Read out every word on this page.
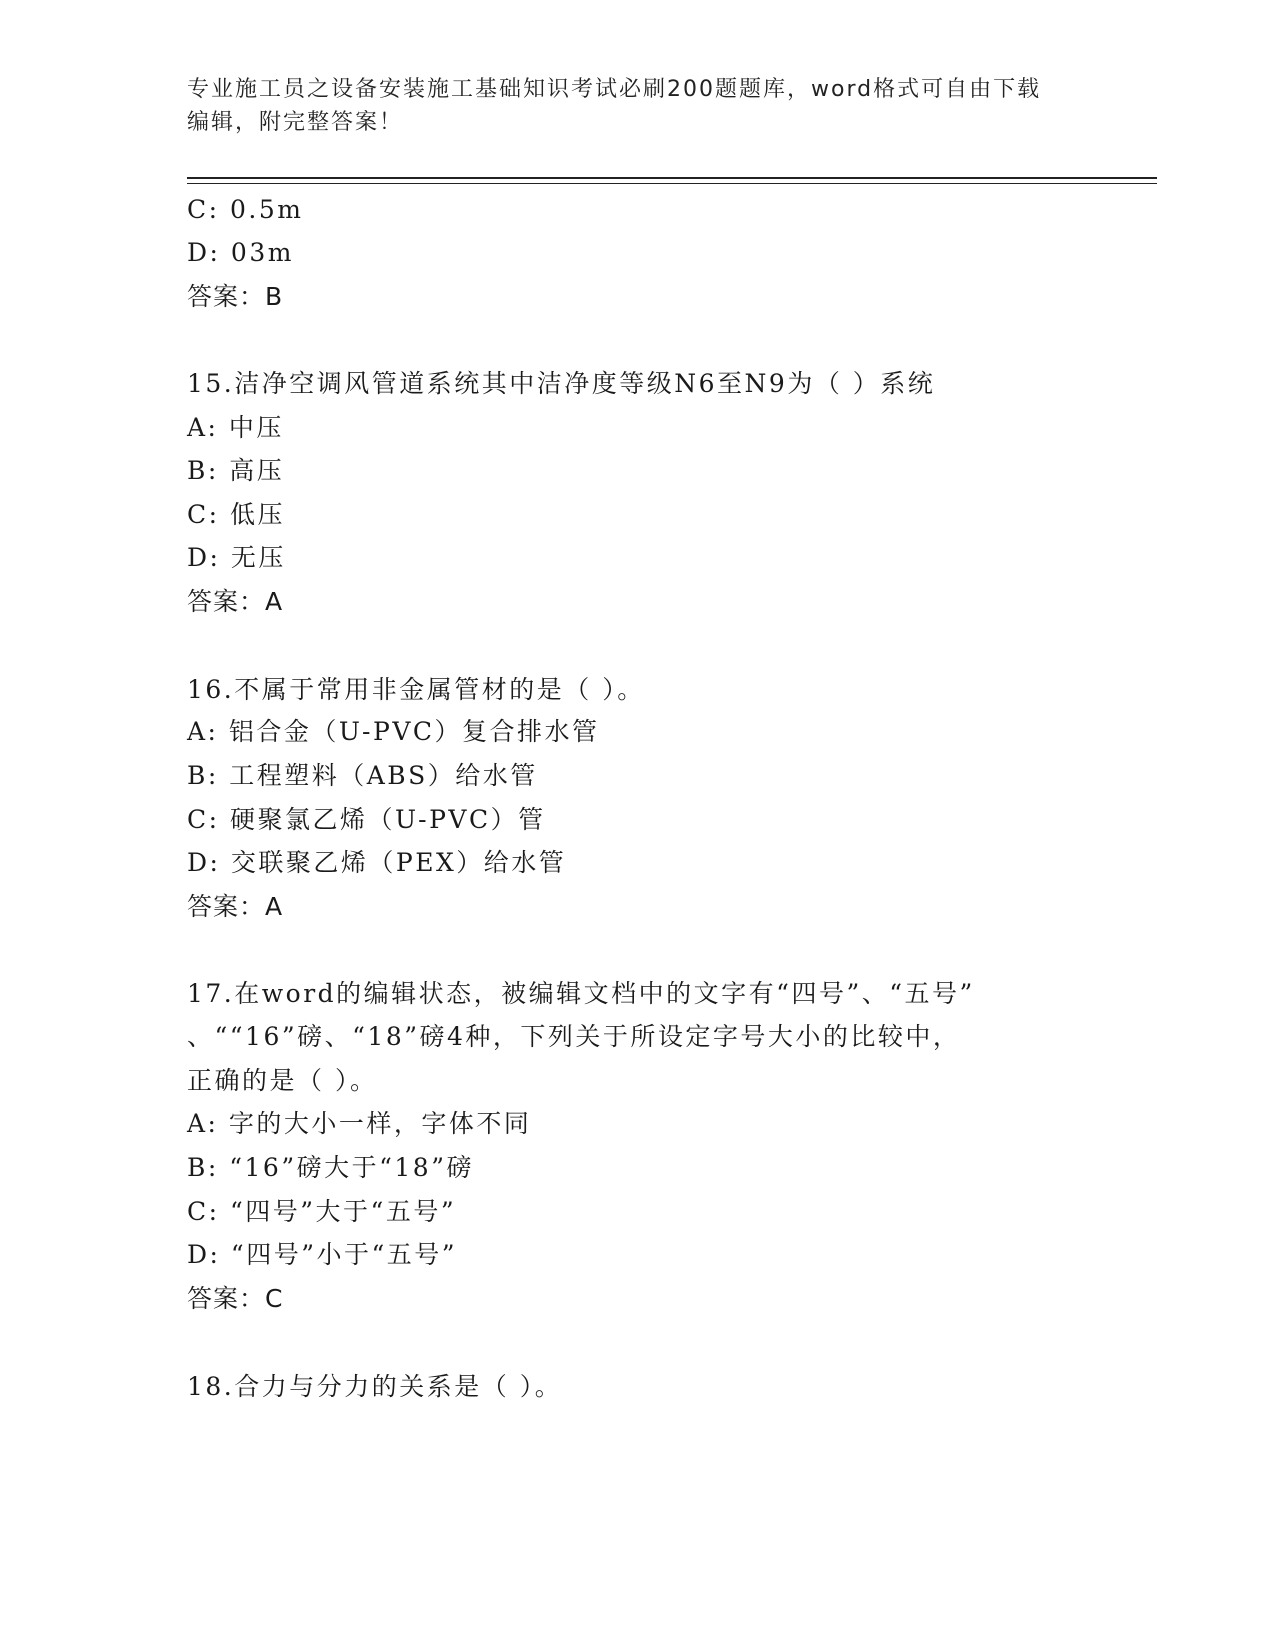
专业施工员之设备安装施工基础知识考试必刷200题题库，word格式可自由下载
编辑，附完整答案！
C: 0.5m
D: 03m
答案：B
15.洁净空调风管道系统其中洁净度等级N6至N9为（ ）系统
A: 中压
B: 高压
C: 低压
D: 无压
答案：A
16.不属于常用非金属管材的是（ ）。
A: 铝合金（U-PVC）复合排水管
B: 工程塑料（ABS）给水管
C: 硬聚氯乙烯（U-PVC）管
D: 交联聚乙烯（PEX）给水管
答案：A
17.在word的编辑状态，被编辑文档中的文字有“四号”、“五号”
、““16”磅、“18”磅4种，下列关于所设定字号大小的比较中，
正确的是（ ）。
A: 字的大小一样，字体不同
B: “16”磅大于“18”磅
C: “四号”大于“五号”
D: “四号”小于“五号”
答案：C
18.合力与分力的关系是（ ）。
